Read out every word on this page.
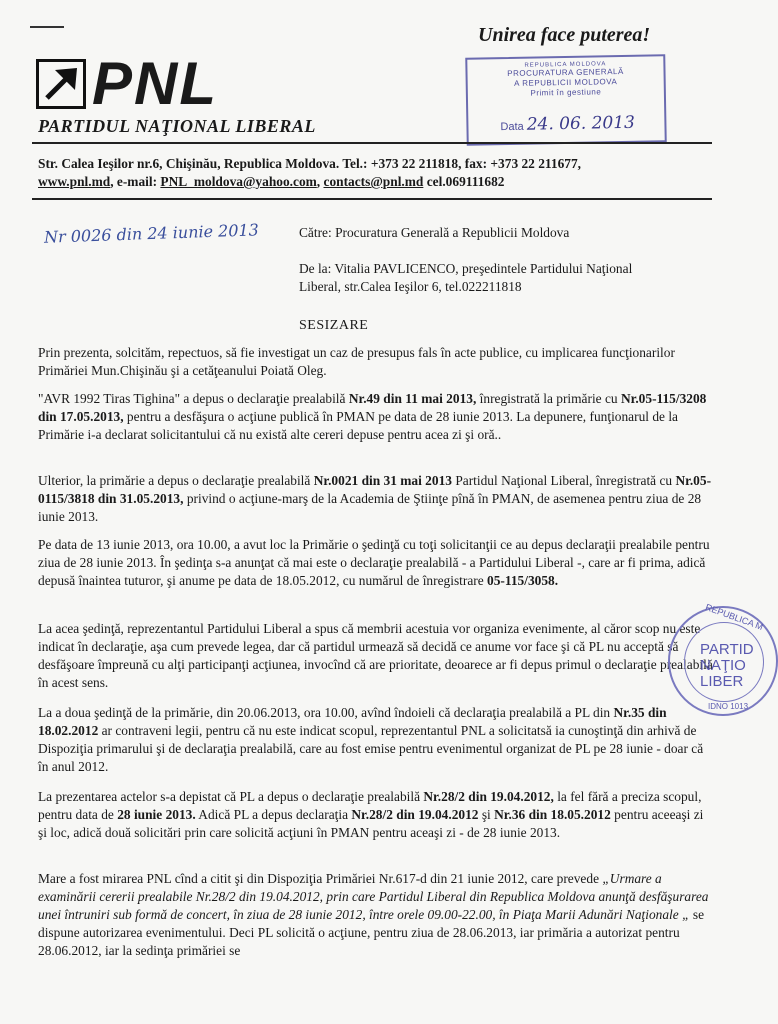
Unirea face puterea!
PNL
PARTIDUL NAŢIONAL LIBERAL
REPUBLICA MOLDOVA
PROCURATURA GENERALĂ
A REPUBLICII MOLDOVA
Primit în gestiune
Data 24. 06. 2013
Str. Calea Ieşilor nr.6, Chişinău, Republica Moldova. Tel.: +373 22 211818, fax: +373 22 211677,
www.pnl.md, e-mail: PNL_moldova@yahoo.com, contacts@pnl.md cel.069111682
Nr 0026 din 24 iunie 2013	Către: Procuratura Generală a Republicii Moldova
De la: Vitalia PAVLICENCO, preşedintele Partidului Naţional
Liberal, str.Calea Ieşilor 6, tel.022211818
SESIZARE

Prin prezenta, solcităm, repectuos, să fie investigat un caz de presupus fals în acte publice, cu implicarea funcţionarilor Primăriei Mun.Chişinău şi a cetăţeanului Poiată Oleg.

"AVR 1992 Tiras Tighina" a depus o declaraţie prealabilă Nr.49 din 11 mai 2013, înregistrată la primărie cu Nr.05-115/3208 din 17.05.2013, pentru a desfăşura o acţiune publică în PMAN pe data de 28 iunie 2013. La depunere, funţionarul de la Primărie i-a declarat solicitantului că nu există alte cereri depuse pentru acea zi şi oră..

Ulterior, la primărie a depus o declaraţie prealabilă Nr.0021 din 31 mai 2013 Partidul Naţional Liberal, înregistrată cu Nr.05-0115/3818 din 31.05.2013, privind o acţiune-marş de la Academia de Ştiinţe pînă în PMAN, de asemenea pentru ziua de 28 iunie 2013.

Pe data de 13 iunie 2013, ora 10.00, a avut loc la Primărie o şedinţă cu toţi solicitanţii ce au depus declaraţii prealabile pentru ziua de 28 iunie 2013. În şedinţa s-a anunţat că mai este o declaraţie prealabilă - a Partidului Liberal -, care ar fi prima, adică depusă înaintea tuturor, şi anume pe data de 18.05.2012, cu numărul de înregistrare 05-115/3058.

La acea şedinţă, reprezentantul Partidului Liberal a spus că membrii acestuia vor organiza evenimente, al căror scop nu este indicat în declaraţie, aşa cum prevede legea, dar că partidul urmează să decidă ce anume vor face şi că PL nu acceptă să desfăşoare împreună cu alţi participanţi acţiunea, invocînd că are prioritate, deoarece ar fi depus primul o declaraţie prealabilă în acest sens.

La a doua şedinţă de la primărie, din 20.06.2013, ora 10.00, avînd îndoieli că declaraţia prealabilă a PL din Nr.35 din 18.02.2012 ar contraveni legii, pentru că nu este indicat scopul, reprezentantul PNL a solicitatsă ia cunoştinţă din arhivă de Dispoziţia primarului şi de declaraţia prealabilă, care au fost emise pentru evenimentul organizat de PL pe 28 iunie - doar că în anul 2012.

La prezentarea actelor s-a depistat că PL a depus o declaraţie prealabilă Nr.28/2 din 19.04.2012, la fel fără a preciza scopul, pentru data de 28 iunie 2013. Adică PL a depus declaraţia Nr.28/2 din 19.04.2012 şi Nr.36 din 18.05.2012 pentru aceeaşi zi şi loc, adică două solicitări prin care solicită acţiuni în PMAN pentru aceaşi zi - de 28 iunie 2013.

Mare a fost mirarea PNL cînd a citit şi din Dispoziţia Primăriei Nr.617-d din 21 iunie 2012, care prevede „Urmare a examinării cererii prealabile Nr.28/2 din 19.04.2012, prin care Partidul Liberal din Republica Moldova anunţă desfăşurarea unei întruniri sub formă de concert, în ziua de 28 iunie 2012, între orele 09.00-22.00, în Piaţa Marii Adunări Naţionale „ se dispune autorizarea evenimentului. Deci PL solicită o acţiune, pentru ziua de 28.06.2013, iar primăria a autorizat pentru 28.06.2012, iar la sedinţa primăriei se

REPUBLICA M
PARTID
NAŢIO
LIBER
IDNO 1013
